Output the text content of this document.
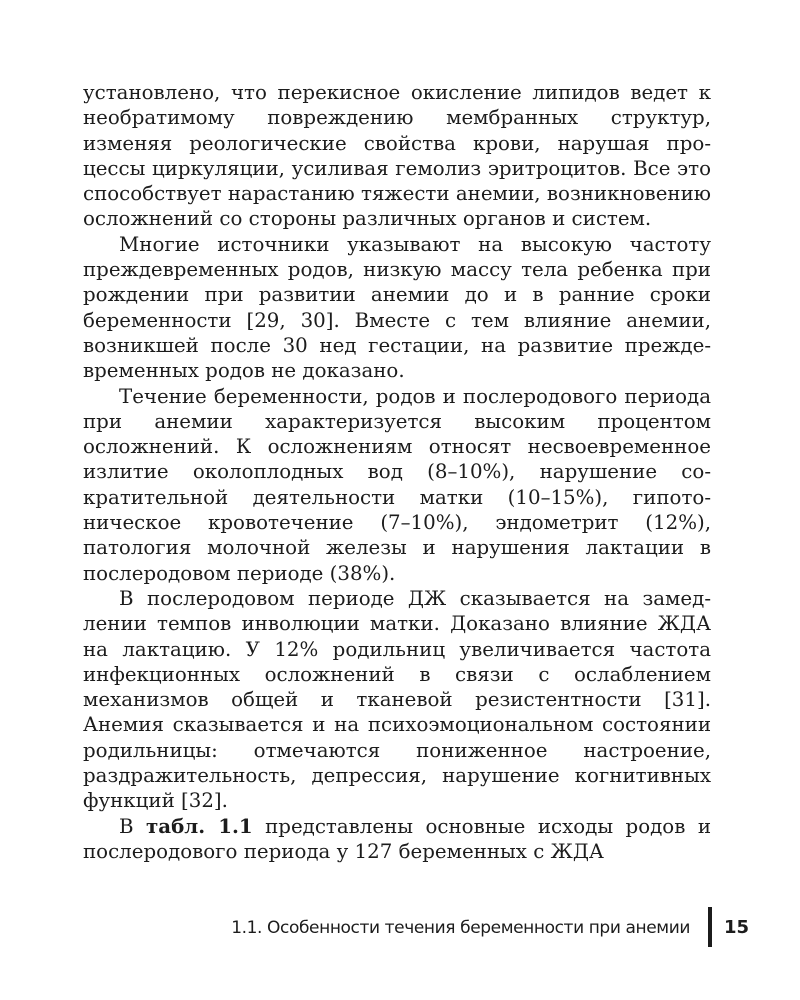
установлено, что перекисное окисление липидов ведет к необратимому повреждению мембранных структур, изменяя реологические свойства крови, нарушая процессы циркуляции, усиливая гемолиз эритроцитов. Все это способствует нарастанию тяжести анемии, возникновению осложнений со стороны различных органов и систем.

Многие источники указывают на высокую частоту преждевременных родов, низкую массу тела ребенка при рождении при развитии анемии до и в ранние сроки беременности [29, 30]. Вместе с тем влияние анемии, возникшей после 30 нед гестации, на развитие преждевременных родов не доказано.

Течение беременности, родов и послеродового периода при анемии характеризуется высоким процентом осложнений. К осложнениям относят несвоевременное излитие околоплодных вод (8–10%), нарушение сократительной деятельности матки (10–15%), гипотоническое кровотечение (7–10%), эндометрит (12%), патология молочной железы и нарушения лактации в послеродовом периоде (38%).

В послеродовом периоде ДЖ сказывается на замедлении темпов инволюции матки. Доказано влияние ЖДА на лактацию. У 12% родильниц увеличивается частота инфекционных осложнений в связи с ослаблением механизмов общей и тканевой резистентности [31]. Анемия сказывается и на психоэмоциональном состоянии родильницы: отмечаются пониженное настроение, раздражительность, депрессия, нарушение когнитивных функций [32].

В табл. 1.1 представлены основные исходы родов и послеродового периода у 127 беременных с ЖДА

1.1. Особенности течения беременности при анемии 15
